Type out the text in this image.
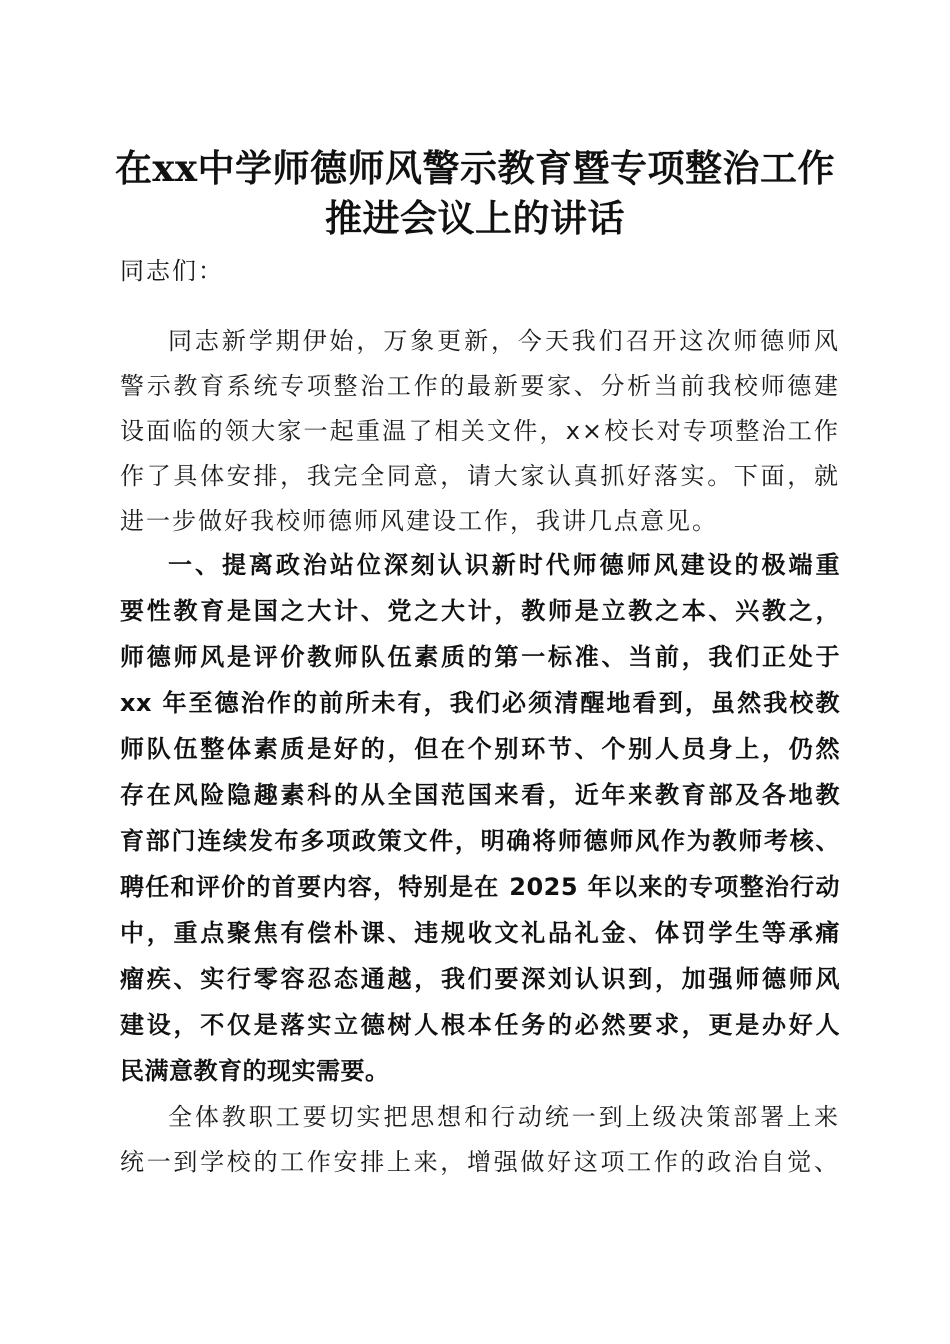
在xx中学师德师风警示教育暨专项整治工作
推进会议上的讲话
同志们：
同志新学期伊始，万象更新，今天我们召开这次师德师风
警示教育系统专项整治工作的最新要家、分析当前我校师德建
设面临的领大家一起重温了相关文件，x×校长对专项整治工作
作了具体安排，我完全同意，请大家认真抓好落实。下面，就
进一步做好我校师德师风建设工作，我讲几点意见。
一、提离政治站位深刻认识新时代师德师风建设的极端重
要性教育是国之大计、党之大计，教师是立教之本、兴教之，
师德师风是评价教师队伍素质的第一标准、当前，我们正处于
xx 年至德治作的前所未有，我们必须清醒地看到，虽然我校教
师队伍整体素质是好的，但在个别环节、个别人员身上，仍然
存在风险隐趣素科的从全国范国来看，近年来教育部及各地教
育部门连续发布多项政策文件，明确将师德师风作为教师考核、
聘任和评价的首要内容，特别是在 2025 年以来的专项整治行动
中，重点聚焦有偿朴课、违规收文礼品礼金、体罚学生等承痛
瘤疾、实行零容忍态通越，我们要深刘认识到，加强师德师风
建设，不仅是落实立德树人根本任务的必然要求，更是办好人
民满意教育的现实需要。
全体教职工要切实把思想和行动统一到上级决策部署上来
统一到学校的工作安排上来，增强做好这项工作的政治自觉、
